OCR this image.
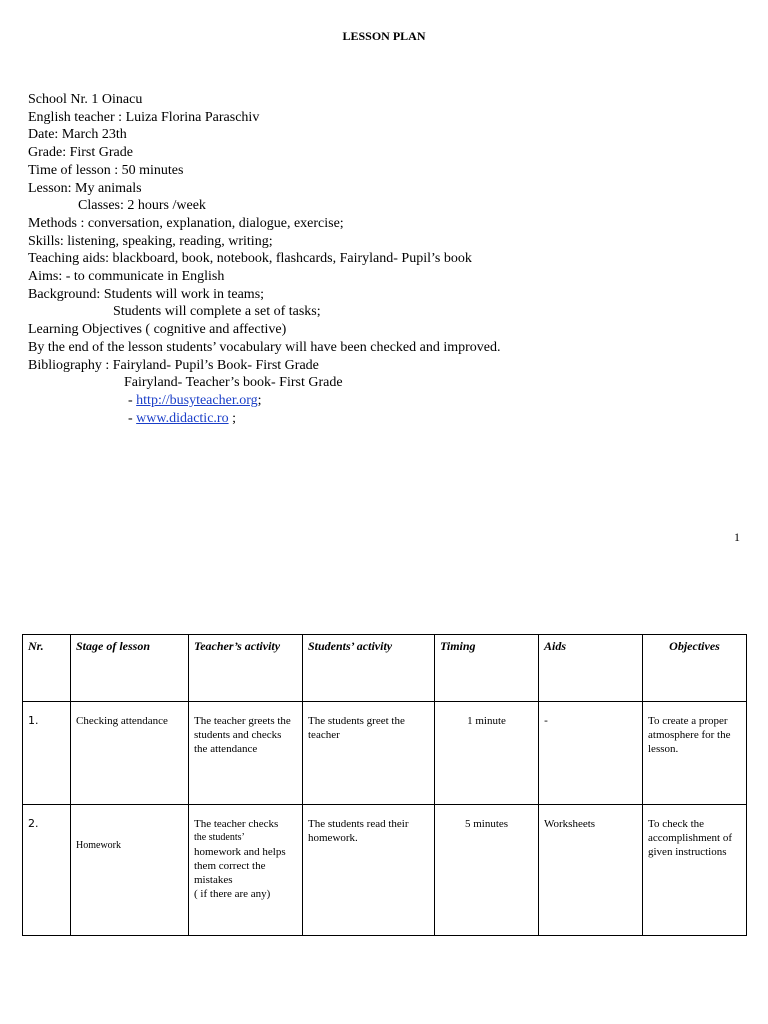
LESSON PLAN
School Nr. 1 Oinacu
English teacher : Luiza Florina Paraschiv
Date: March 23th
Grade: First Grade
Time of lesson : 50 minutes
Lesson: My animals
Classes: 2 hours /week
Methods : conversation, explanation, dialogue, exercise;
Skills: listening, speaking, reading, writing;
Teaching aids: blackboard, book, notebook, flashcards, Fairyland- Pupil’s book
Aims: - to communicate in English
Background: Students will work in teams;
Students will complete a set of tasks;
Learning Objectives ( cognitive and affective)
By the end of the lesson students’ vocabulary will have been checked and improved.
Bibliography : Fairyland- Pupil’s Book- First Grade
Fairyland- Teacher’s book- First Grade
- http://busyteacher.org;
- www.didactic.ro ;
1
Nr.	Stage of lesson	Teacher’s activity	Students’ activity	Timing	Aids	Objectives
1.	Checking attendance	The teacher greets the students and checks the attendance	The students greet the teacher	1 minute	-	To create a proper atmosphere for the lesson.
2.	Homework	The teacher checks
the students’
homework and helps them correct the mistakes
( if there are any)	The students read their homework.	5 minutes	Worksheets	To check the accomplishment of given instructions
